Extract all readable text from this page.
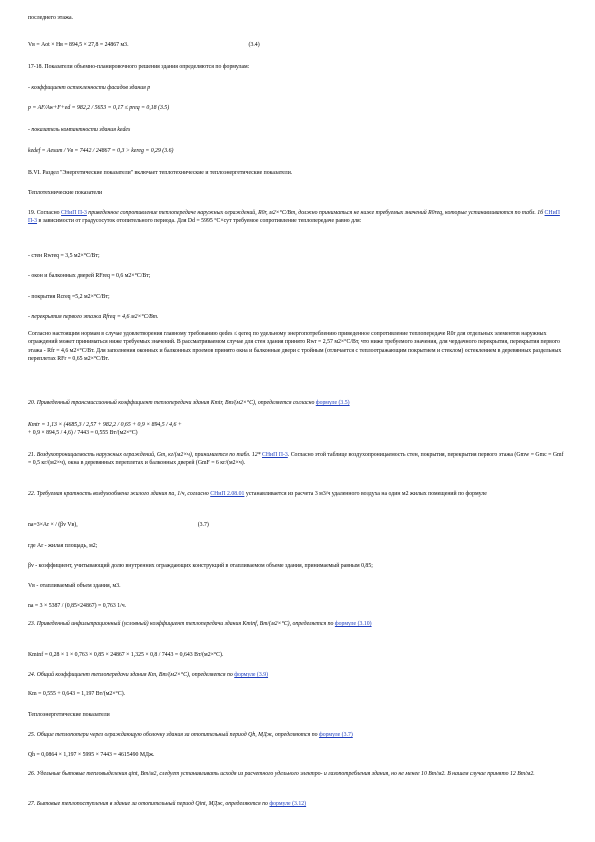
последнего этажа.
Vв = Aot × Hв = 894,5 × 27,8 = 24867 м3.	(3.4)
17-18. Показатели объемно-планировочного решения здания определяются по формулам:
- коэффициент остекленности фасадов здания p
p = AF/Aw+F+ed = 982,2 / 5653 = 0,17 ≤ preq = 0,18 (3.5)
- показатель компактности здания kedes
kedef = Aesum / Vв = 7442 / 24867 = 0,3 > kereg = 0,29 (3.6)
В.VI. Раздел "Энергетические показатели" включает теплотехнические и теплоэнергетические показатели.
Теплотехнические показатели
19. Согласно СНиП П-3 приведенное сопротивление теплопередаче наружных ограждений, R0r, м2×°С/Вт, должно приниматься не ниже требуемых значений R0req, которые устанавливаются по табл. 1б СНиП П-3 в зависимости от градусосуток отопительного периода. Для Dd = 5995 °С×сут требуемое сопротивление теплопередаче равно для:
- стен Rwreq = 3,5 м2×°С/Вт;
- окон и балконных дверей RFreq = 0,6 м2×°С/Вт;
- покрытия Rcreq =5,2 м2×°С/Вт;
- перекрытия первого этажа Rfreq = 4,6 м2×°С/Вт.
Согласно настоящим нормам в случае удовлетворения главному требованию qedes ≤ qereq по удельному энергопотреблению приведенное сопротивление теплопередаче R0r для отдельных элементов наружных ограждений может приниматься ниже требуемых значений. В рассматриваемом случае для стен здания принято Rwr = 2,57 м2×°С/Вт, что ниже требуемого значения, для чердачного перекрытия, перекрытия первого этажа - Rfr = 4,6 м2×°С/Вт. Для заполнения оконных и балконных проемов принято окна и балконные двери с тройным (отличается с теплоотражающим покрытием и стеклом) остеклением в деревянных раздельных переплетах RFr = 0,65 м2×°С/Вт.
20. Приведенный трансмиссионный коэффициент теплопередачи здания Kmtr, Вт/(м2×°С), определяется согласно формуле (3.5)
Kmtr = 1,13 × (4685,3 / 2,57 + 982,2 / 0,65 + 0,9 × 894,5 / 4,6 +
+ 0,9 × 894,5 / 4,6) / 7443 = 0,555 Вт/(м2×°С)
21. Воздухопроницаемость наружных ограждений, Gm, кг/(м2×ч), принимается по табл. 12* СНиП П-3. Согласно этой таблице воздухопроницаемость стен, покрытия, перекрытия первого этажа (Gmw = Gmc = Gmf = 0,5 кг/(м2×ч), окна в деревянных переплетах и балконных дверей (GmF = 6 кг/(м2×ч).
22. Требуемая кратность воздухообмена жилого здания na, 1/ч, согласно СНиП 2.08.01 устанавливается из расчета 3 м3/ч удаленного воздуха на один м2 жилых помещений по формуле
na=3×Ar × / (βv Vв),	(3.7)
где Ar - жилая площадь, м2;
βv - коэффициент, учитывающий долю внутренних ограждающих конструкций в отапливаемом объеме здания, принимаемый равным 0,85;
Vв - отапливаемый объем здания, м3.
na = 3 × 5387 / (0,85×24867) = 0,763 1/ч.
23. Приведенный инфильтрационный (условный) коэффициент теплопередачи здания Kminf, Вт/(м2×°С), определяется по формуле (3.10)
Kminf = 0,28 × 1 × 0,763 × 0,85 × 24867 × 1,325 × 0,8 / 7443 = 0,643 Вт/(м2×°С).
24. Общий коэффициент теплопередачи здания Km, Вт/(м2×°С), определяется по формуле (3.9)
Km = 0,555 + 0,643 = 1,197 Вт/(м2×°С).
Теплоэнергетические показатели
25. Общие теплопотери через ограждающую оболочку здания за отопительный период Qh, МДж, определяются по формуле (3.7)
Qh = 0,0864 × 1,197 × 5995 × 7443 = 4615490 МДж.
26. Удельные бытовые тепловыделения qint, Вт/м2, следует устанавливать исходя из расчетного удельного электро- и газопотребления здания, но не менее 10 Вт/м2. В нашем случае принято 12 Вт/м2.
27. Бытовые теплопоступления в здание за отопительный период Qint, МДж, определяются по формуле (3.12)
